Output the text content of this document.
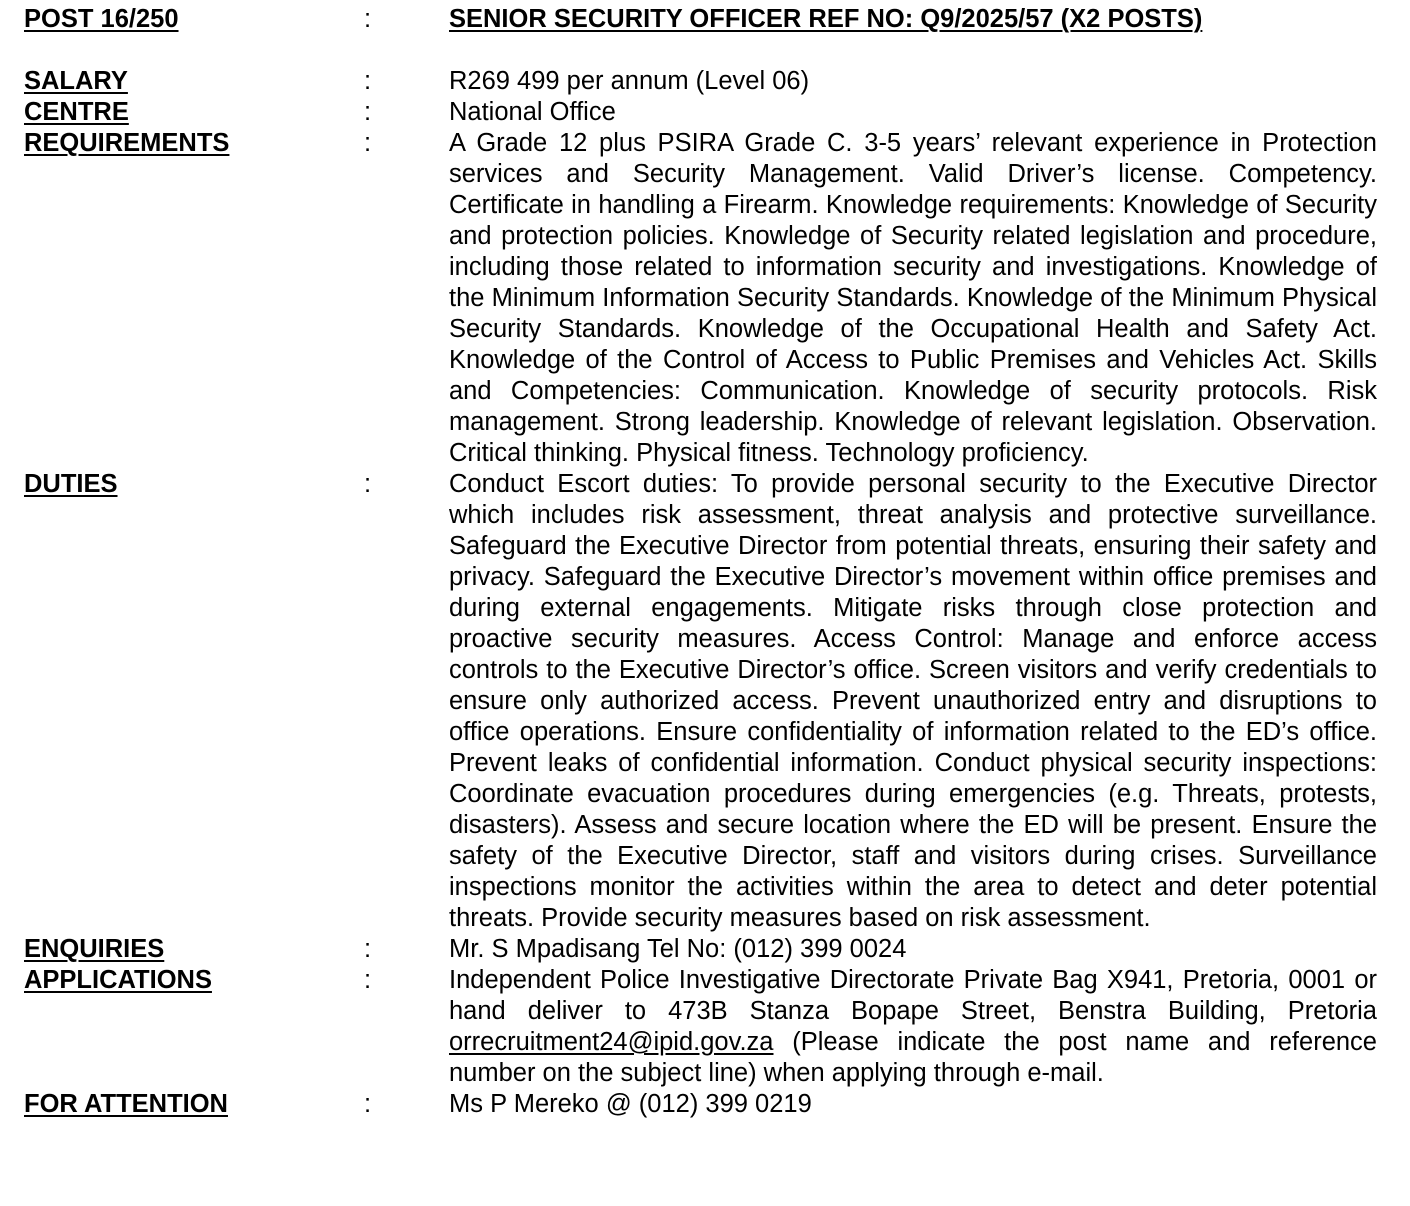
POST 16/250	:	SENIOR SECURITY OFFICER REF NO: Q9/2025/57 (X2 POSTS)
SALARY	:	R269 499 per annum (Level 06)
CENTRE	:	National Office
REQUIREMENTS	:	A Grade 12 plus PSIRA Grade C. 3-5 years’ relevant experience in Protection services and Security Management. Valid Driver’s license. Competency. Certificate in handling a Firearm. Knowledge requirements: Knowledge of Security and protection policies. Knowledge of Security related legislation and procedure, including those related to information security and investigations. Knowledge of the Minimum Information Security Standards. Knowledge of the Minimum Physical Security Standards. Knowledge of the Occupational Health and Safety Act. Knowledge of the Control of Access to Public Premises and Vehicles Act. Skills and Competencies: Communication. Knowledge of security protocols. Risk management. Strong leadership. Knowledge of relevant legislation. Observation. Critical thinking. Physical fitness. Technology proficiency.
DUTIES	:	Conduct Escort duties: To provide personal security to the Executive Director which includes risk assessment, threat analysis and protective surveillance. Safeguard the Executive Director from potential threats, ensuring their safety and privacy. Safeguard the Executive Director’s movement within office premises and during external engagements. Mitigate risks through close protection and proactive security measures. Access Control: Manage and enforce access controls to the Executive Director’s office. Screen visitors and verify credentials to ensure only authorized access. Prevent unauthorized entry and disruptions to office operations. Ensure confidentiality of information related to the ED’s office. Prevent leaks of confidential information. Conduct physical security inspections: Coordinate evacuation procedures during emergencies (e.g. Threats, protests, disasters). Assess and secure location where the ED will be present. Ensure the safety of the Executive Director, staff and visitors during crises. Surveillance inspections monitor the activities within the area to detect and deter potential threats. Provide security measures based on risk assessment.
ENQUIRIES	:	Mr. S Mpadisang Tel No: (012) 399 0024
APPLICATIONS	:	Independent Police Investigative Directorate Private Bag X941, Pretoria, 0001 or hand deliver to 473B Stanza Bopape Street, Benstra Building, Pretoria orrecruitment24@ipid.gov.za (Please indicate the post name and reference number on the subject line) when applying through e-mail.
FOR ATTENTION	:	Ms P Mereko @ (012) 399 0219
